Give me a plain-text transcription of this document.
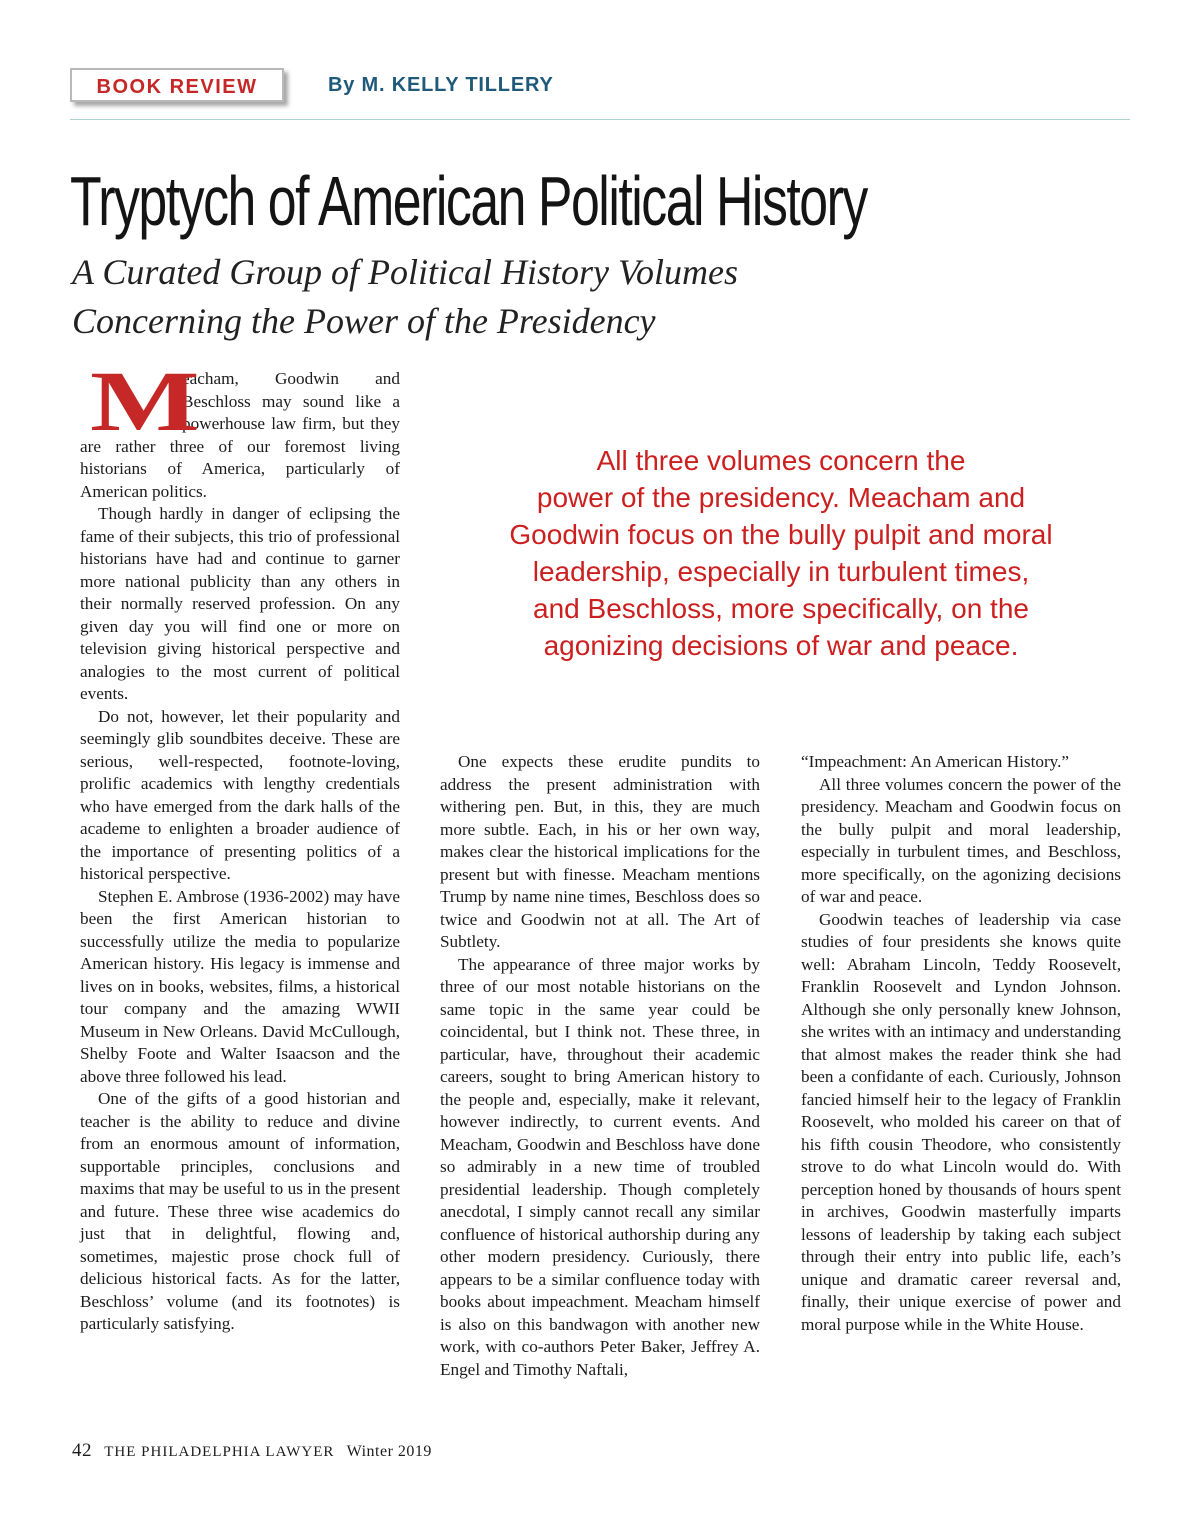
BOOK REVIEW	By M. KELLY TILLERY
Tryptych of American Political History
A Curated Group of Political History Volumes
Concerning the Power of the Presidency
M

eacham, Goodwin and Beschloss may sound like a powerhouse law firm, but they are rather three of our foremost living historians of America, particularly of American politics.

Though hardly in danger of eclipsing the fame of their subjects, this trio of professional historians have had and continue to garner more national publicity than any others in their normally reserved profession. On any given day you will find one or more on television giving historical perspective and analogies to the most current of political events.

Do not, however, let their popularity and seemingly glib soundbites deceive. These are serious, well-respected, footnote-loving, prolific academics with lengthy credentials who have emerged from the dark halls of the academe to enlighten a broader audience of the importance of presenting politics of a historical perspective.

Stephen E. Ambrose (1936-2002) may have been the first American historian to successfully utilize the media to popularize American history. His legacy is immense and lives on in books, websites, films, a historical tour company and the amazing WWII Museum in New Orleans. David McCullough, Shelby Foote and Walter Isaacson and the above three followed his lead.

One of the gifts of a good historian and teacher is the ability to reduce and divine from an enormous amount of information, supportable principles, conclusions and maxims that may be useful to us in the present and future. These three wise academics do just that in delightful, flowing and, sometimes, majestic prose chock full of delicious historical facts. As for the latter, Beschloss’ volume (and its footnotes) is particularly satisfying.

All three volumes concern the
power of the presidency. Meacham and
Goodwin focus on the bully pulpit and moral
leadership, especially in turbulent times,
and Beschloss, more specifically, on the
agonizing decisions of war and peace.

One expects these erudite pundits to address the present administration with withering pen. But, in this, they are much more subtle. Each, in his or her own way, makes clear the historical implications for the present but with finesse. Meacham mentions Trump by name nine times, Beschloss does so twice and Goodwin not at all. The Art of Subtlety.

The appearance of three major works by three of our most notable historians on the same topic in the same year could be coincidental, but I think not. These three, in particular, have, throughout their academic careers, sought to bring American history to the people and, especially, make it relevant, however indirectly, to current events. And Meacham, Goodwin and Beschloss have done so admirably in a new time of troubled presidential leadership. Though completely anecdotal, I simply cannot recall any similar confluence of historical authorship during any other modern presidency. Curiously, there appears to be a similar confluence today with books about impeachment. Meacham himself is also on this bandwagon with another new work, with co-authors Peter Baker, Jeffrey A. Engel and Timothy Naftali,

“Impeachment: An American History.”

All three volumes concern the power of the presidency. Meacham and Goodwin focus on the bully pulpit and moral leadership, especially in turbulent times, and Beschloss, more specifically, on the agonizing decisions of war and peace.

Goodwin teaches of leadership via case studies of four presidents she knows quite well: Abraham Lincoln, Teddy Roosevelt, Franklin Roosevelt and Lyndon Johnson. Although she only personally knew Johnson, she writes with an intimacy and understanding that almost makes the reader think she had been a confidante of each. Curiously, Johnson fancied himself heir to the legacy of Franklin Roosevelt, who molded his career on that of his fifth cousin Theodore, who consistently strove to do what Lincoln would do. With perception honed by thousands of hours spent in archives, Goodwin masterfully imparts lessons of leadership by taking each subject through their entry into public life, each’s unique and dramatic career reversal and, finally, their unique exercise of power and moral purpose while in the White House.

42 THE PHILADELPHIA LAWYER Winter 2019
